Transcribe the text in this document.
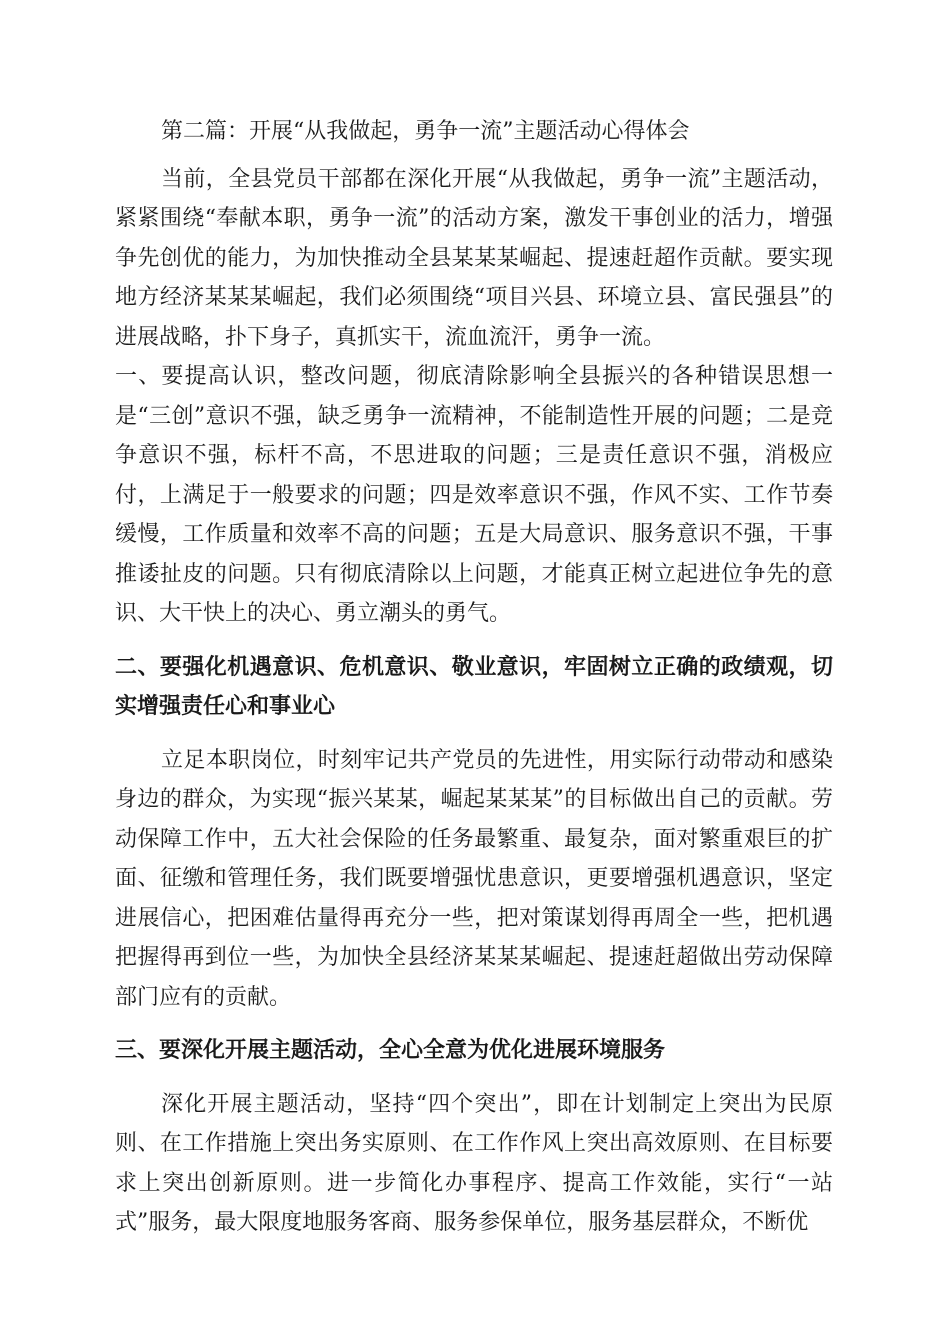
第二篇：开展“从我做起，勇争一流”主题活动心得体会

当前，全县党员干部都在深化开展“从我做起，勇争一流”主题活动，紧紧围绕“奉献本职，勇争一流”的活动方案，激发干事创业的活力，增强争先创优的能力，为加快推动全县某某某崛起、提速赶超作贡献。要实现地方经济某某某崛起，我们必须围绕“项目兴县、环境立县、富民强县”的进展战略，扑下身子，真抓实干，流血流汗，勇争一流。

一、要提高认识，整改问题，彻底清除影响全县振兴的各种错误思想一是“三创”意识不强，缺乏勇争一流精神，不能制造性开展的问题；二是竞争意识不强，标杆不高，不思进取的问题；三是责任意识不强，消极应付，上满足于一般要求的问题；四是效率意识不强，作风不实、工作节奏缓慢，工作质量和效率不高的问题；五是大局意识、服务意识不强，干事推诿扯皮的问题。只有彻底清除以上问题，才能真正树立起进位争先的意识、大干快上的决心、勇立潮头的勇气。

二、要强化机遇意识、危机意识、敬业意识，牢固树立正确的政绩观，切实增强责任心和事业心

立足本职岗位，时刻牢记共产党员的先进性，用实际行动带动和感染身边的群众，为实现“振兴某某，崛起某某某”的目标做出自己的贡献。劳动保障工作中，五大社会保险的任务最繁重、最复杂，面对繁重艰巨的扩面、征缴和管理任务，我们既要增强忧患意识，更要增强机遇意识，坚定进展信心，把困难估量得再充分一些，把对策谋划得再周全一些，把机遇把握得再到位一些，为加快全县经济某某某崛起、提速赶超做出劳动保障部门应有的贡献。

三、要深化开展主题活动，全心全意为优化进展环境服务

深化开展主题活动，坚持“四个突出”，即在计划制定上突出为民原则、在工作措施上突出务实原则、在工作作风上突出高效原则、在目标要求上突出创新原则。进一步简化办事程序、提高工作效能，实行“一站式”服务，最大限度地服务客商、服务参保单位，服务基层群众，不断优
